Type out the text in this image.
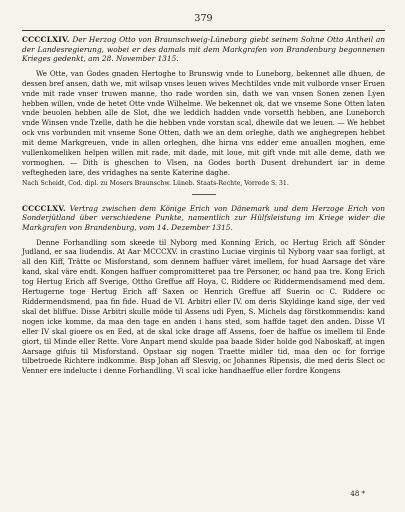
379

CCCCLXIV. Der Herzog Otto von Braunschweig-Lüneburg giebt seinem Sohne Otto Antheil an der Landesregierung, wobei er des damals mit dem Markgrafen von Brandenburg begonnenen Krieges gedenkt, am 28. November 1315.

We Otte, van Godes gnaden Hertoghe to Brunswig vnde to Luneborg, bekennet alle dhuen, de dessen bref ansen, dath we, mit wilsap vnses leuen wives Mechtildes vnde mit vulborde vnser Eruen vnde mit rade vnser truwen manne, tho rade worden sin, dath we van vnsen Sonen zenen Lyen hebben willen, vnde de hetet Otte vnde Wilhelme. We bekennet ok, dat we vnseme Sone Otten laten vnde beuolen hebben alle de Slot, dhe we leddich hadden vnde vorsetth hebben, ane Luneborch vnde Winsen vnde Tzelle, dath he die hebben vnde vorstan scal, dhewile dat we leuen. — We hebbet ock vns vorbunden mit vnseme Sone Otten, dath we an dem orleghe, dath we anghegrepen hebbet mit deme Markgreuen, vnde in allen orleghen, dhe hirna vns edder eme anuallen moghen, eme vullenkomeliken helpen willen mit rade, mit dade, mit loue, mit gift vnde mit alle deme, dath we vormoghen. — Dith is gheschen to Vlsen, na Godes borth Dusent drehundert iar in deme veftegheden iare, des vridaghes na sente Katerine daghe.

Nach Scheidt, Cod. dipl. zu Mosers Braunschw. Lüneb. Staats-Rechte, Vorrede S. 31.

CCCCLXV. Vertrag zwischen dem Könige Erich von Dänemark und dem Herzoge Erich von Sonderjütland über verschiedene Punkte, namentlich zur Hülfsleistung im Kriege wider die Markgrafen von Brandenburg, vom 14. Dezember 1315.

Denne Forhandling som skeede til Nyborg med Konning Erich, oc Hertug Erich aff Sönder Judland, er saa liudendis. At Aar MCCCXV. in crastino Luciae virginis til Nyborg vaar saa forligt, at all den Kiff, Trätte oc Misforstand, som dennem haffuer väret imellem, for huad Aarsage det väre kand, skal väre endt. Kongen haffuer compromitteret paa tre Personer, oc hand paa tre. Kong Erich tog Hertug Erich aff Sverige, Ottho Greffue aff Hoya, C. Riddere oc Riddermendsamend med dem. Hertugerne toge Hertug Erich aff Saxen oc Henrich Greffue aff Suerin oc C. Riddere oc Riddermendsmend, paa fin fide. Huad de VI. Arbitri eller IV. om deris Skyldinge kand sige, der ved skal det bliffue. Disse Arbitri skulle möde til Assens udi Fyen, S. Michels dag förstkommendis: kand nogen icke komme, da maa den tage en anden i hans sted, som haffde taget den anden. Disse VI eller IV skal gioere os en Eed, at de skal icke drage aff Assens, foer de haffue os imellem til Ende giort, til Minde eller Rette. Vore Anpart mend skulde paa baade Sider holde god Naboskaff, at ingen Aarsage gifuis til Misforstand. Opstaar sig nogen Traette midler tid, maa den oc for forrige tilbetroede Richtere indkomme. Bisp Johan aff Slesvig, oc Johannes Ripensis, die med deris Slect oc Venner ere indelucte i denne Forhandling. Vi scal icke handhaeffue eller fordre Kongens

48 *
